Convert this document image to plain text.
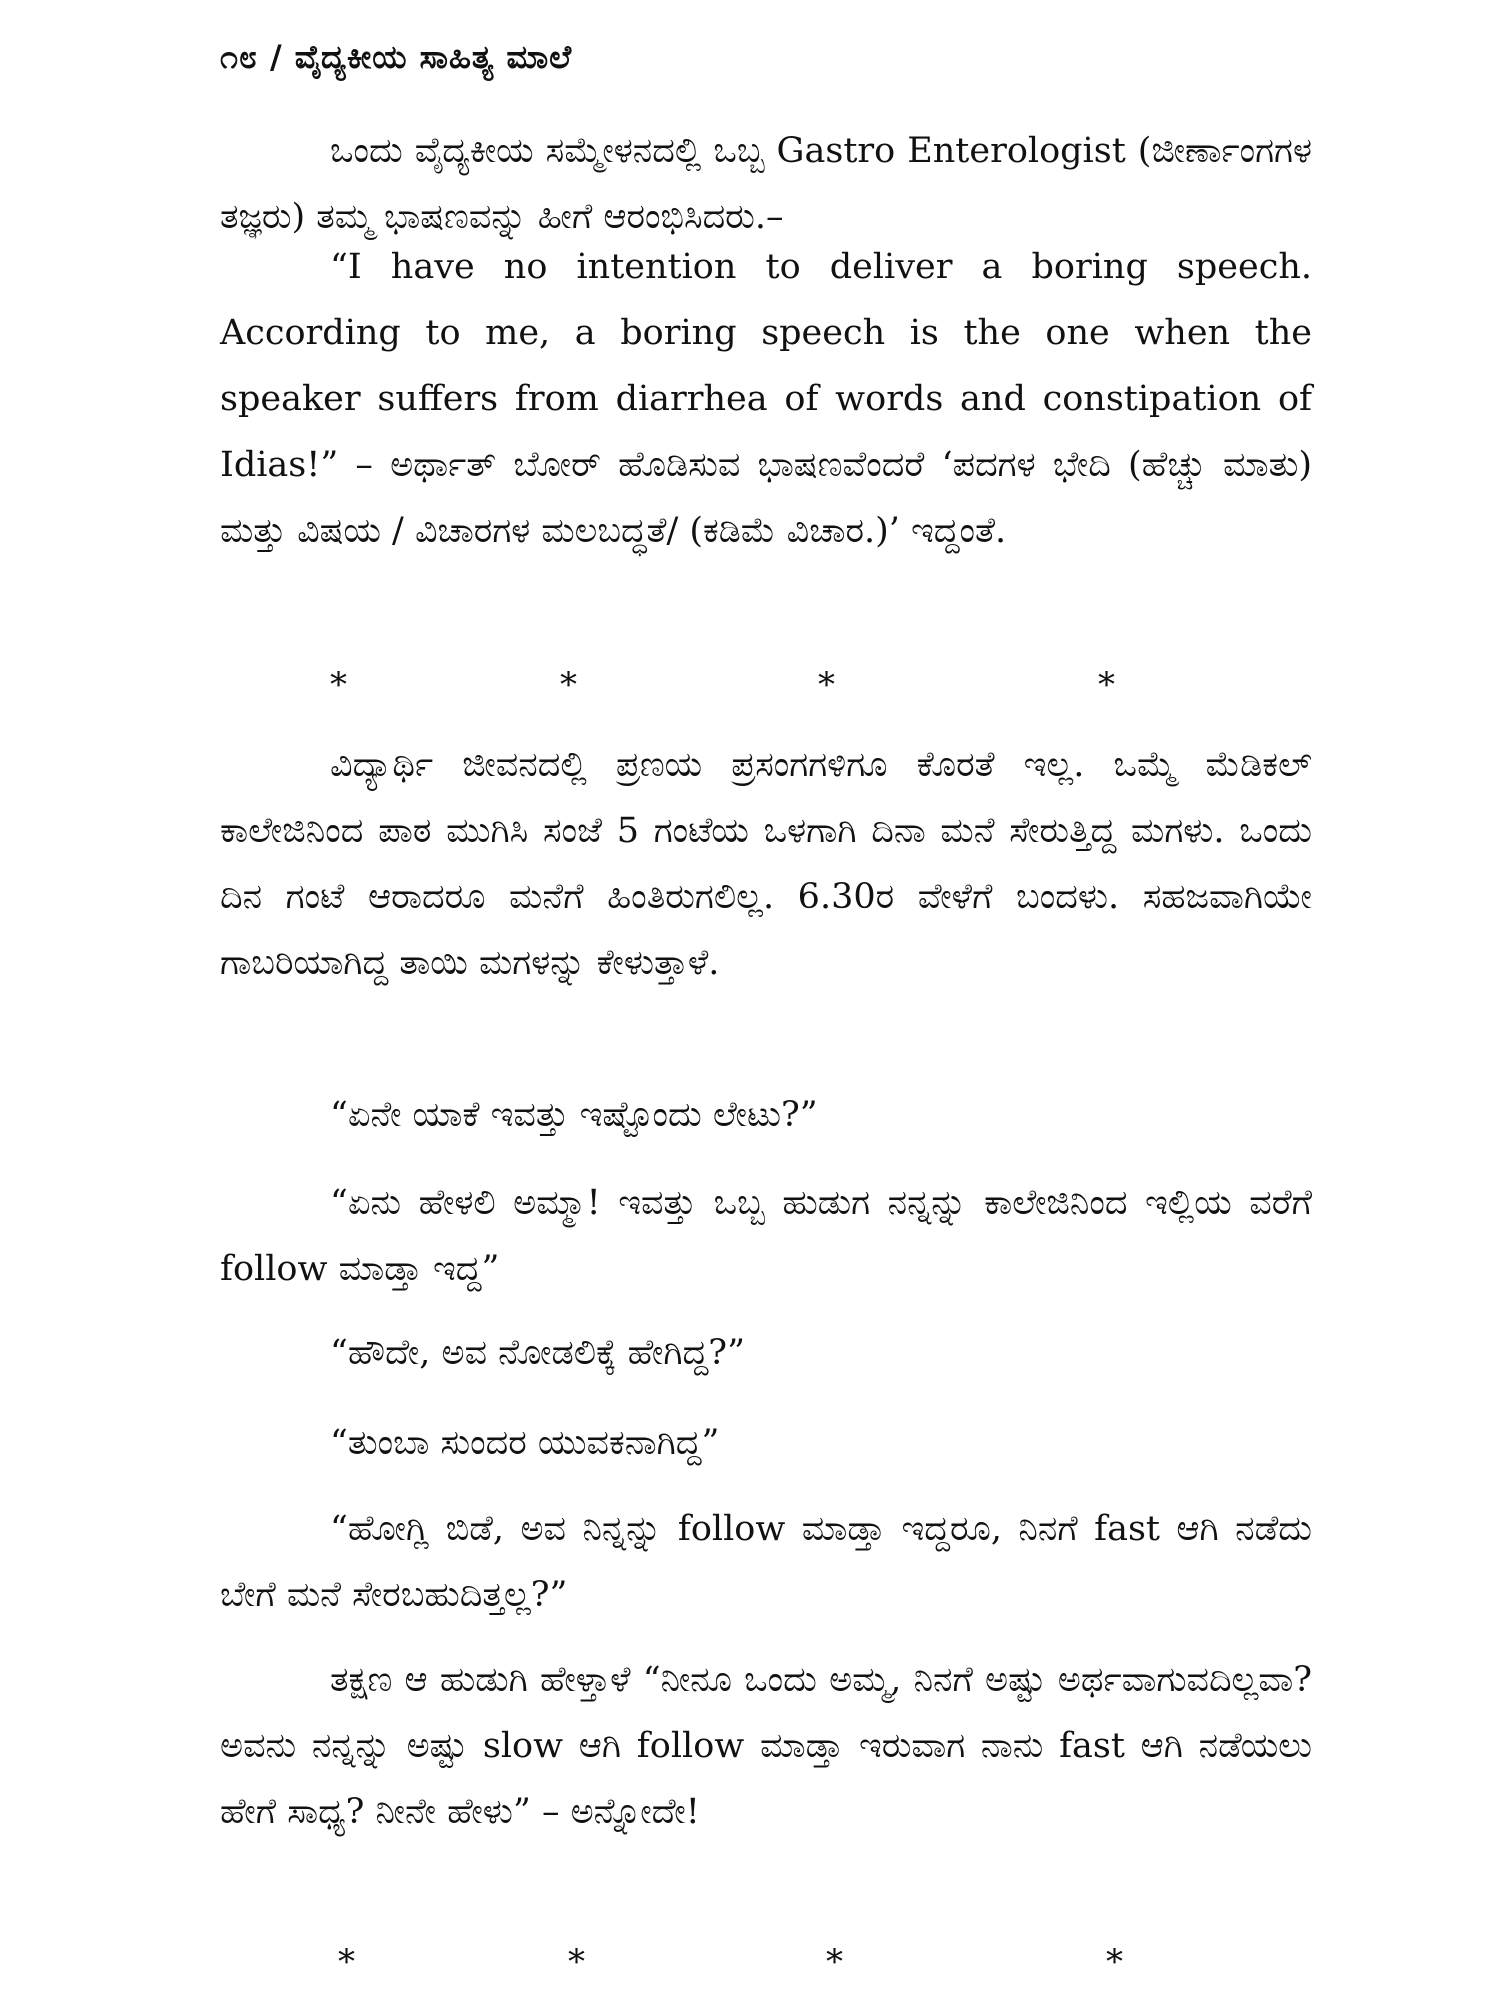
೧೮ / ವೈದ್ಯಕೀಯ ಸಾಹಿತ್ಯ ಮಾಲೆ
ಒಂದು ವೈದ್ಯಕೀಯ ಸಮ್ಮೇಳನದಲ್ಲಿ ಒಬ್ಬ Gastro Enterologist (ಜೀರ್ಣಾಂಗಗಳ ತಜ್ಞರು) ತಮ್ಮ ಭಾಷಣವನ್ನು ಹೀಗೆ ಆರಂಭಿಸಿದರು.–
“I have no intention to deliver a boring speech. According to me, a boring speech is the one when the speaker suffers from diarrhea of words and constipation of Idias!” – ಅರ್ಥಾತ್ ಬೋರ್ ಹೊಡಿಸುವ ಭಾಷಣವೆಂದರೆ ‘ಪದಗಳ ಭೇದಿ (ಹೆಚ್ಚು ಮಾತು) ಮತ್ತು ವಿಷಯ / ವಿಚಾರಗಳ ಮಲಬದ್ಧತೆ/ (ಕಡಿಮೆ ವಿಚಾರ.)’ ಇದ್ದಂತೆ.
*	*	*	*
ವಿದ್ಯಾರ್ಥಿ ಜೀವನದಲ್ಲಿ ಪ್ರಣಯ ಪ್ರಸಂಗಗಳಿಗೂ ಕೊರತೆ ಇಲ್ಲ. ಒಮ್ಮೆ ಮೆಡಿಕಲ್ ಕಾಲೇಜಿನಿಂದ ಪಾಠ ಮುಗಿಸಿ ಸಂಜೆ 5 ಗಂಟೆಯ ಒಳಗಾಗಿ ದಿನಾ ಮನೆ ಸೇರುತ್ತಿದ್ದ ಮಗಳು. ಒಂದು ದಿನ ಗಂಟೆ ಆರಾದರೂ ಮನೆಗೆ ಹಿಂತಿರುಗಲಿಲ್ಲ. 6.30ರ ವೇಳೆಗೆ ಬಂದಳು. ಸಹಜವಾಗಿಯೇ ಗಾಬರಿಯಾಗಿದ್ದ ತಾಯಿ ಮಗಳನ್ನು ಕೇಳುತ್ತಾಳೆ.
“ಏನೇ ಯಾಕೆ ಇವತ್ತು ಇಷ್ಟೊಂದು ಲೇಟು?”
“ಏನು ಹೇಳಲಿ ಅಮ್ಮಾ! ಇವತ್ತು ಒಬ್ಬ ಹುಡುಗ ನನ್ನನ್ನು ಕಾಲೇಜಿನಿಂದ ಇಲ್ಲಿಯ ವರೆಗೆ follow ಮಾಡ್ತಾ ಇದ್ದ”
“ಹೌದೇ, ಅವ ನೋಡಲಿಕ್ಕೆ ಹೇಗಿದ್ದ?”
“ತುಂಬಾ ಸುಂದರ ಯುವಕನಾಗಿದ್ದ”
“ಹೋಗ್ಲಿ ಬಿಡೆ, ಅವ ನಿನ್ನನ್ನು follow ಮಾಡ್ತಾ ಇದ್ದರೂ, ನಿನಗೆ fast ಆಗಿ ನಡೆದು ಬೇಗೆ ಮನೆ ಸೇರಬಹುದಿತ್ತಲ್ಲ?”
ತಕ್ಷಣ ಆ ಹುಡುಗಿ ಹೇಳ್ತಾಳೆ “ನೀನೂ ಒಂದು ಅಮ್ಮ, ನಿನಗೆ ಅಷ್ಟು ಅರ್ಥವಾಗುವದಿಲ್ಲವಾ? ಅವನು ನನ್ನನ್ನು ಅಷ್ಟು slow ಆಗಿ follow ಮಾಡ್ತಾ ಇರುವಾಗ ನಾನು fast ಆಗಿ ನಡೆಯಲು ಹೇಗೆ ಸಾಧ್ಯ? ನೀನೇ ಹೇಳು” – ಅನ್ನೋದೇ!
*	*	*	*
